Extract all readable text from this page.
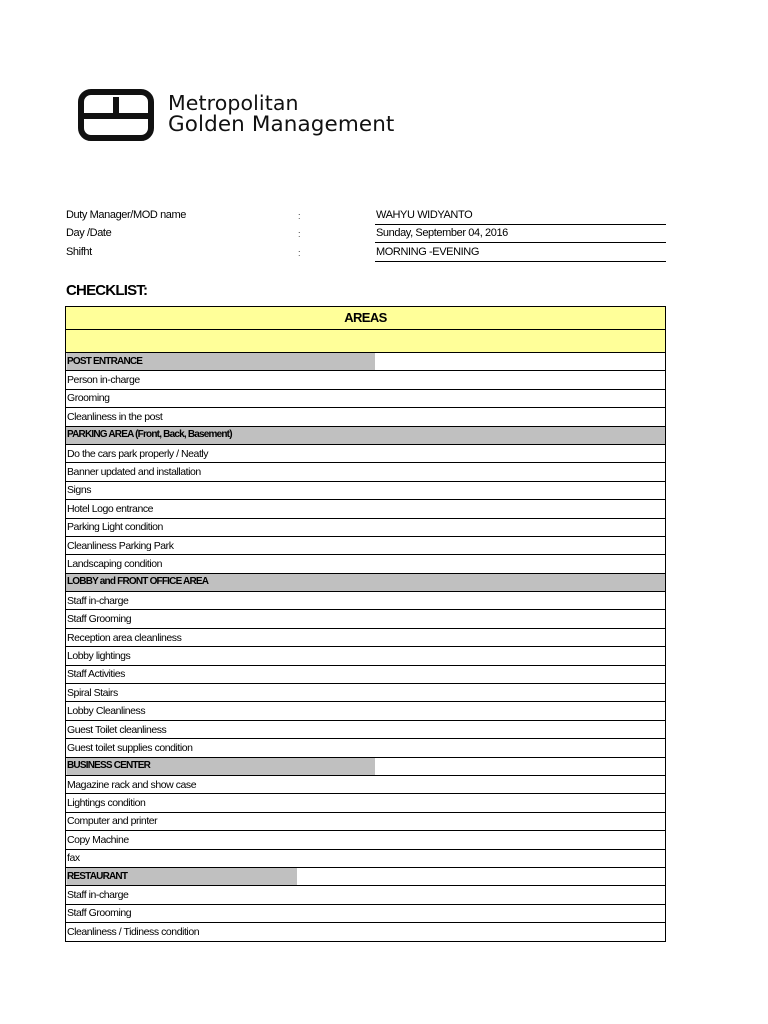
Metropolitan
Golden Management
Duty Manager/MOD name	:	WAHYU WIDYANTO
Day /Date	:	Sunday, September 04, 2016
Shifht	:	MORNING -EVENING
CHECKLIST:
AREAS

POST ENTRANCE
Person in-charge
Grooming
Cleanliness in the post
PARKING AREA (Front, Back, Basement)
Do the cars park properly / Neatly
Banner updated and installation
Signs
Hotel Logo entrance
Parking Light condition
Cleanliness Parking Park
Landscaping condition
LOBBY and FRONT OFFICE AREA
Staff in-charge
Staff Grooming
Reception area cleanliness
Lobby lightings
Staff Activities
Spiral Stairs
Lobby Cleanliness
Guest Toilet cleanliness
Guest toilet supplies condition
BUSINESS CENTER
Magazine rack and show case
Lightings condition
Computer and printer
Copy Machine
fax
RESTAURANT
Staff in-charge
Staff Grooming
Cleanliness / Tidiness condition
